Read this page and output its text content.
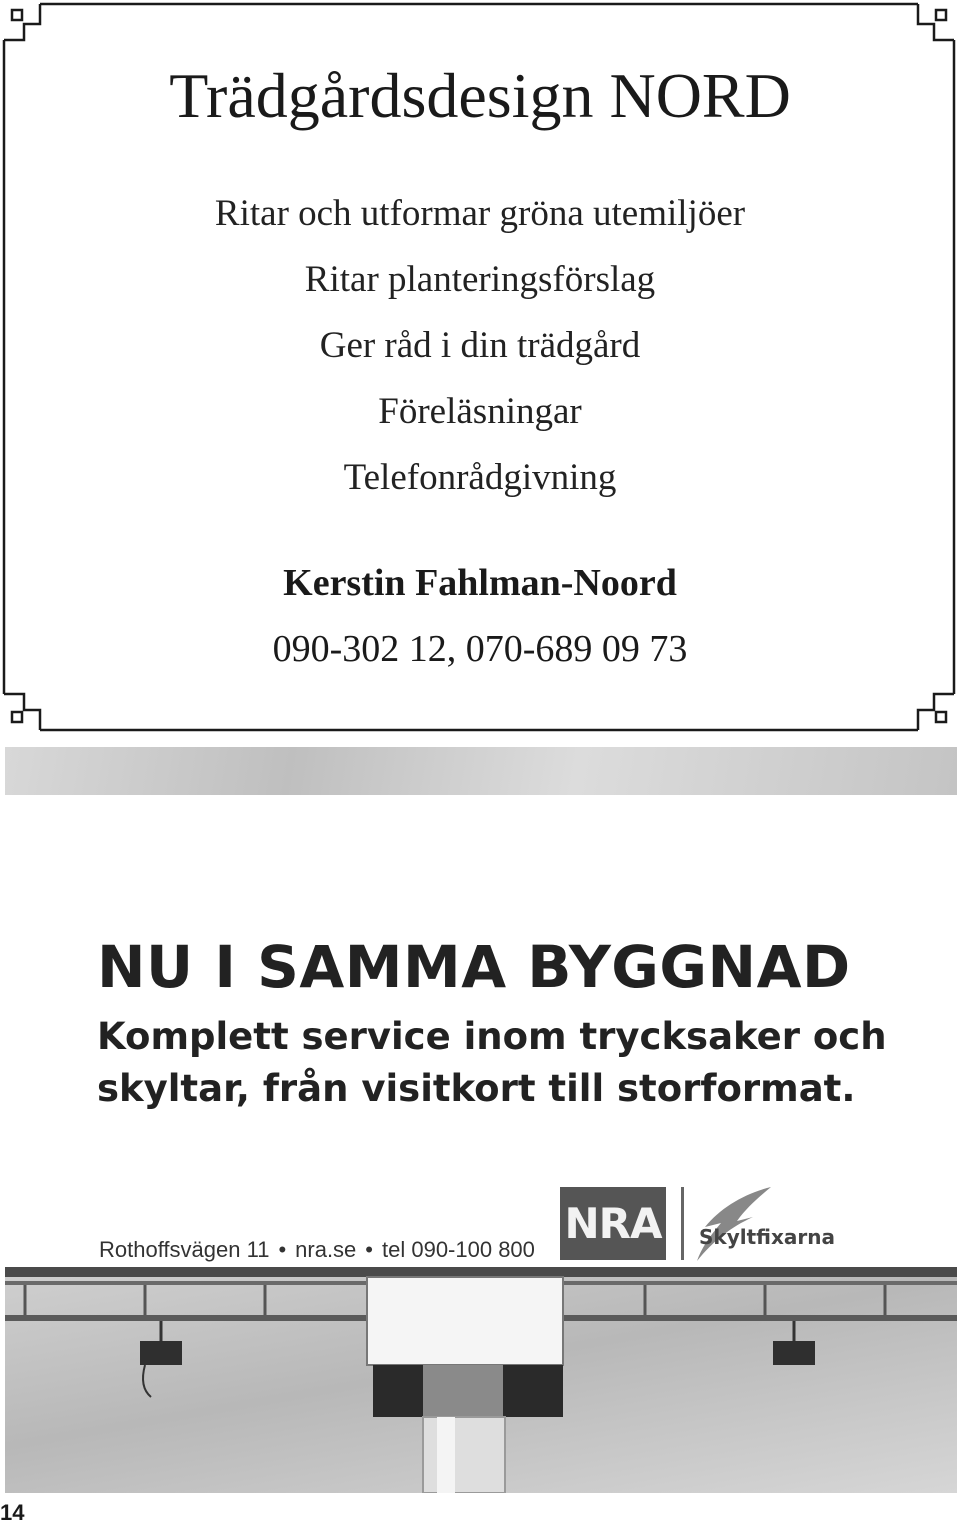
Trädgårdsdesign NORD
Ritar och utformar gröna utemiljöer
Ritar planteringsförslag
Ger råd i din trädgård
Föreläsningar
Telefonrådgivning
Kerstin Fahlman-Noord
090-302 12, 070-689 09 73
NU I SAMMA BYGGNAD
Komplett service inom trycksaker och
skyltar, från visitkort till storformat.
Rothoffsvägen 11 • nra.se • tel 090-100 800
NRA Skyltfixarna
14
